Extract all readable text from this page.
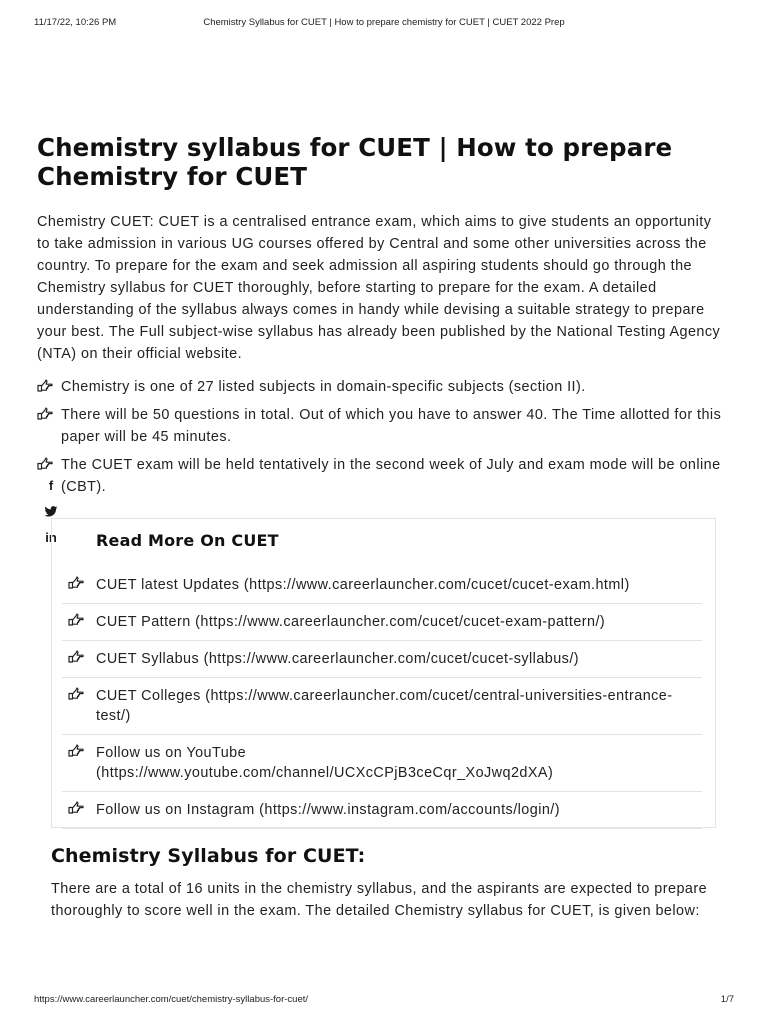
11/17/22, 10:26 PM	Chemistry Syllabus for CUET | How to prepare chemistry for CUET | CUET 2022 Prep
Chemistry syllabus for CUET | How to prepare Chemistry for CUET

Chemistry CUET: CUET is a centralised entrance exam, which aims to give students an opportunity to take admission in various UG courses offered by Central and some other universities across the country. To prepare for the exam and seek admission all aspiring students should go through the Chemistry syllabus for CUET thoroughly, before starting to prepare for the exam. A detailed understanding of the syllabus always comes in handy while devising a suitable strategy to prepare your best. The Full subject-wise syllabus has already been published by the National Testing Agency (NTA) on their official website.

Chemistry is one of 27 listed subjects in domain-specific subjects (section II).
There will be 50 questions in total. Out of which you have to answer 40. The Time allotted for this paper will be 45 minutes.
The CUET exam will be held tentatively in the second week of July and exam mode will be online (CBT).
f
in	Read More On CUET
CUET latest Updates (https://www.careerlauncher.com/cucet/cucet-exam.html)
CUET Pattern (https://www.careerlauncher.com/cucet/cucet-exam-pattern/)
CUET Syllabus (https://www.careerlauncher.com/cucet/cucet-syllabus/)
CUET Colleges (https://www.careerlauncher.com/cucet/central-universities-entrance-test/)
Follow us on YouTube (https://www.youtube.com/channel/UCXcCPjB3ceCqr_XoJwq2dXA)
Follow us on Instagram (https://www.instagram.com/accounts/login/)
Chemistry Syllabus for CUET:

There are a total of 16 units in the chemistry syllabus, and the aspirants are expected to prepare thoroughly to score well in the exam. The detailed Chemistry syllabus for CUET, is given below:

https://www.careerlauncher.com/cuet/chemistry-syllabus-for-cuet/	1/7
